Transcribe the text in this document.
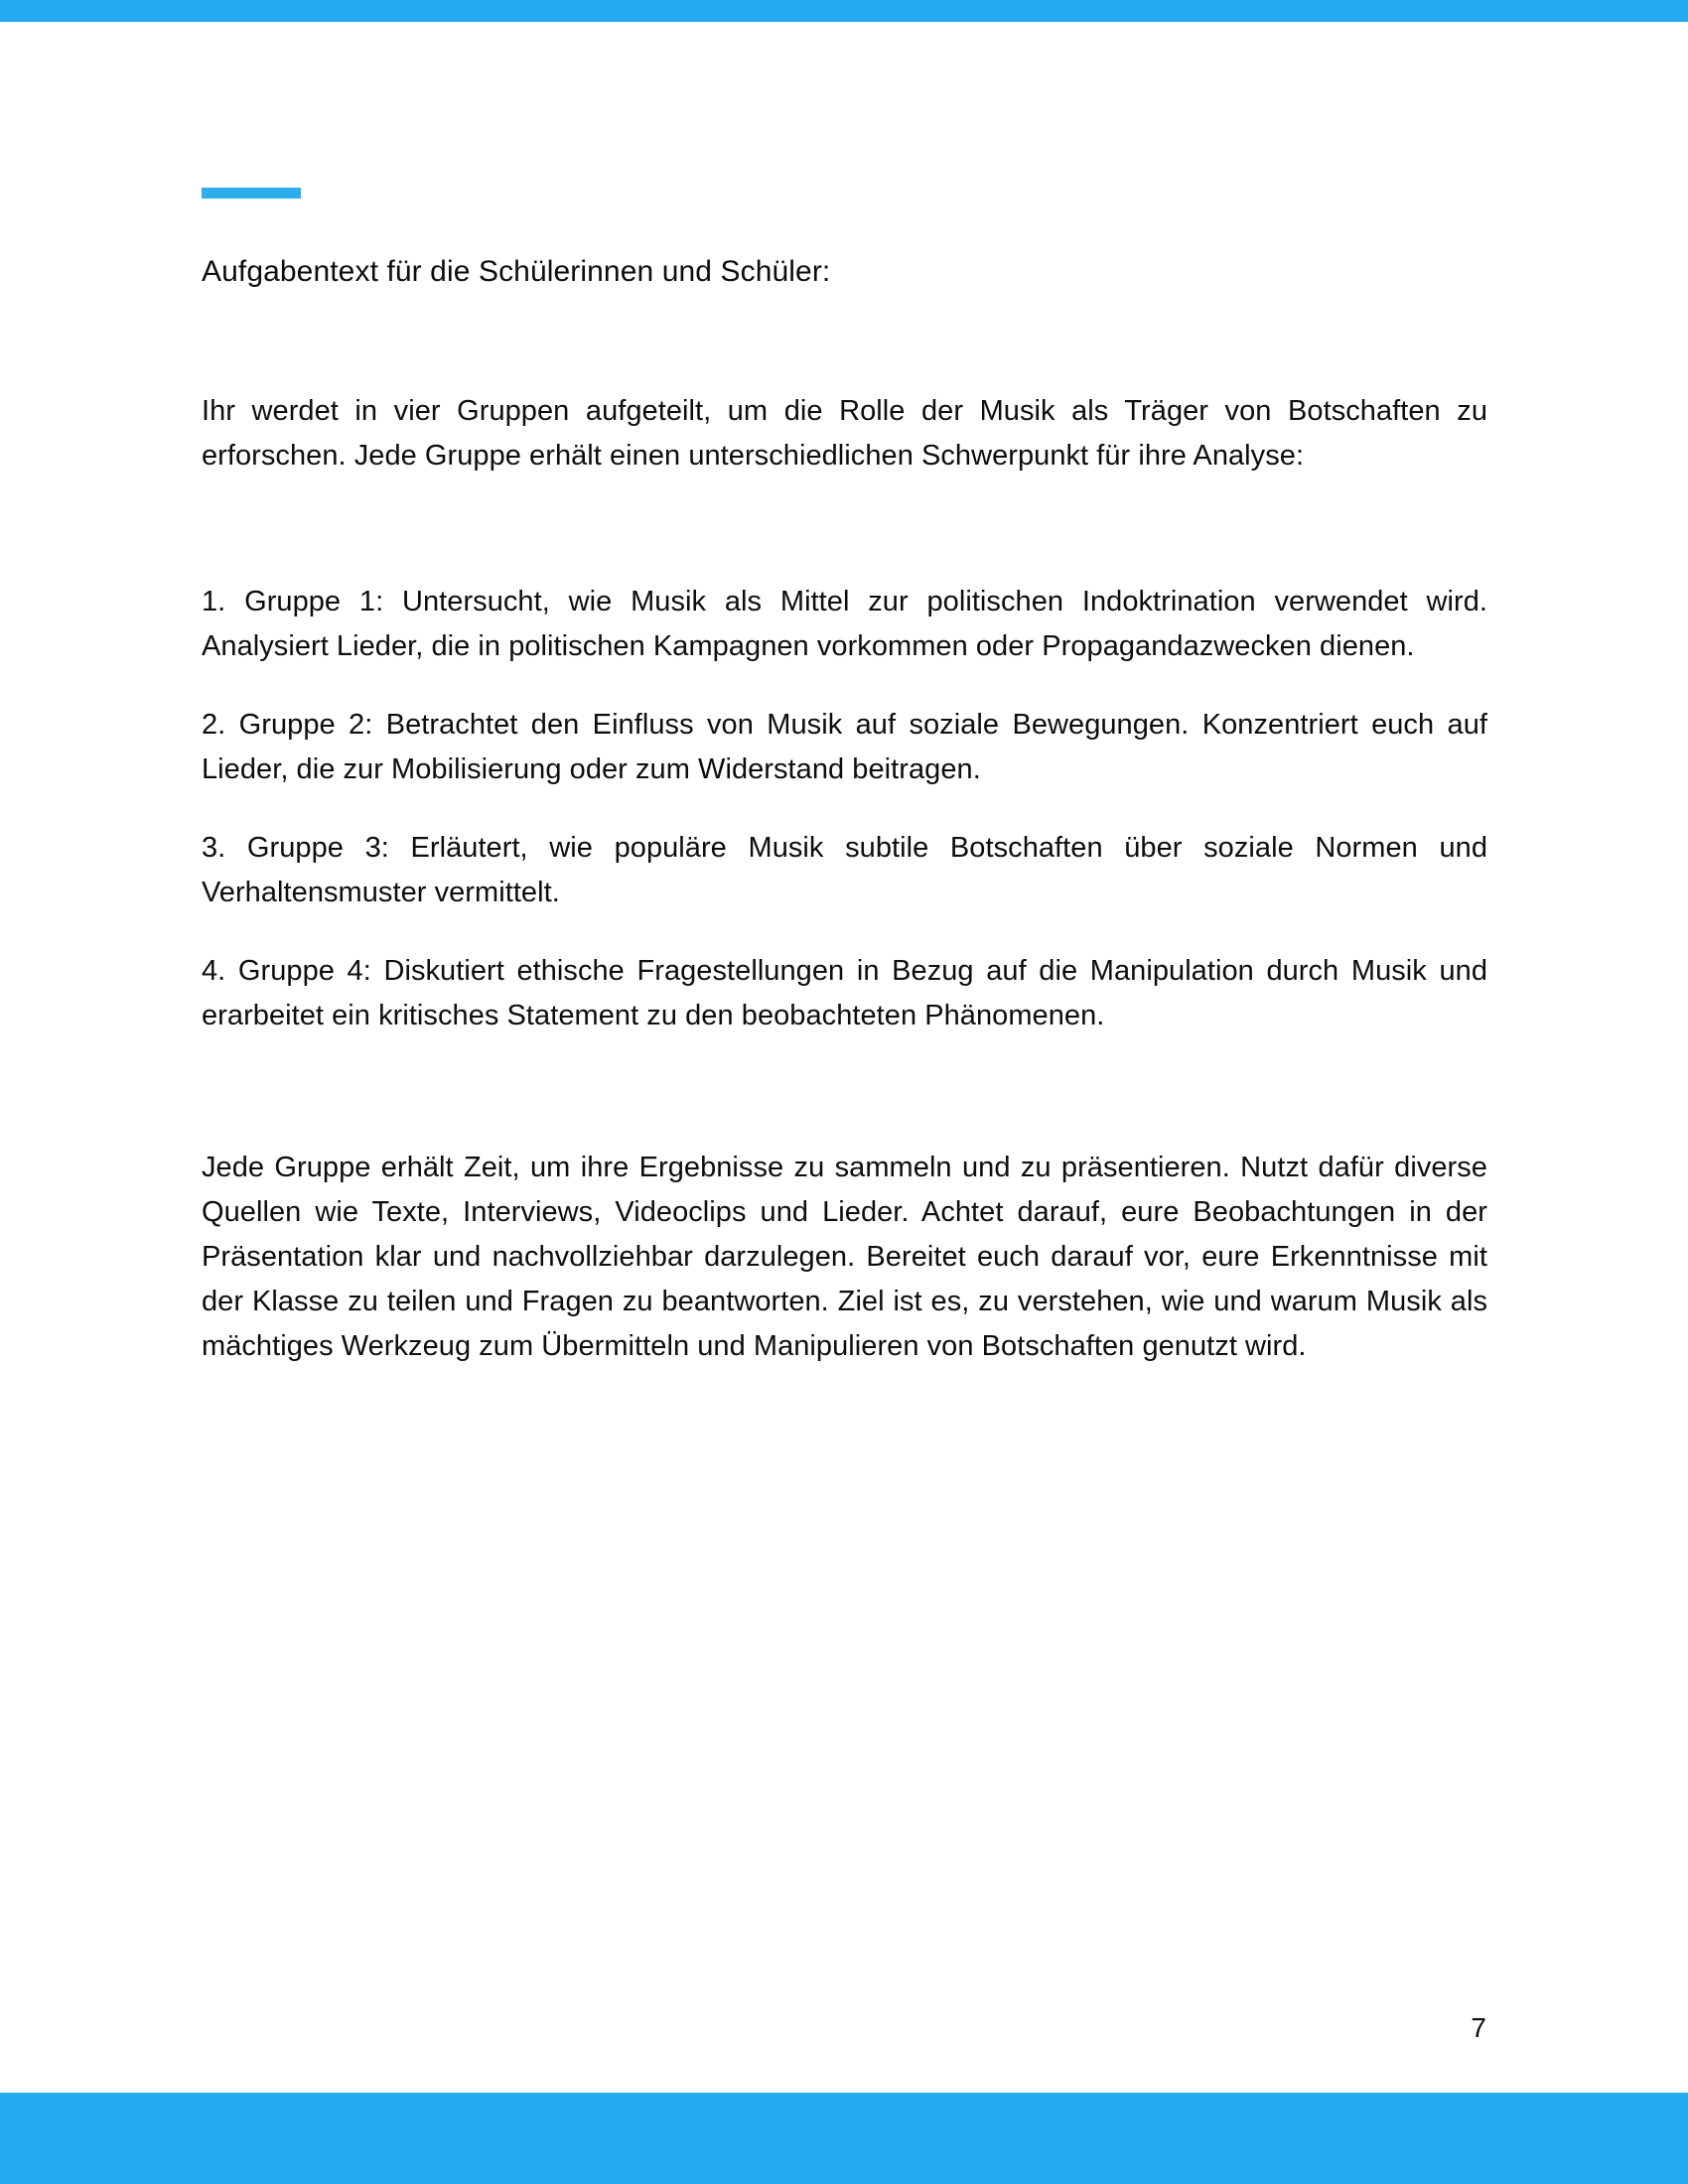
Aufgabentext für die Schülerinnen und Schüler:

Ihr werdet in vier Gruppen aufgeteilt, um die Rolle der Musik als Träger von Botschaften zu erforschen. Jede Gruppe erhält einen unterschiedlichen Schwerpunkt für ihre Analyse:

1. Gruppe 1: Untersucht, wie Musik als Mittel zur politischen Indoktrination verwendet wird. Analysiert Lieder, die in politischen Kampagnen vorkommen oder Propagandazwecken dienen.

2. Gruppe 2: Betrachtet den Einfluss von Musik auf soziale Bewegungen. Konzentriert euch auf Lieder, die zur Mobilisierung oder zum Widerstand beitragen.

3. Gruppe 3: Erläutert, wie populäre Musik subtile Botschaften über soziale Normen und Verhaltensmuster vermittelt.

4. Gruppe 4: Diskutiert ethische Fragestellungen in Bezug auf die Manipulation durch Musik und erarbeitet ein kritisches Statement zu den beobachteten Phänomenen.

Jede Gruppe erhält Zeit, um ihre Ergebnisse zu sammeln und zu präsentieren. Nutzt dafür diverse Quellen wie Texte, Interviews, Videoclips und Lieder. Achtet darauf, eure Beobachtungen in der Präsentation klar und nachvollziehbar darzulegen. Bereitet euch darauf vor, eure Erkenntnisse mit der Klasse zu teilen und Fragen zu beantworten. Ziel ist es, zu verstehen, wie und warum Musik als mächtiges Werkzeug zum Übermitteln und Manipulieren von Botschaften genutzt wird.

7
